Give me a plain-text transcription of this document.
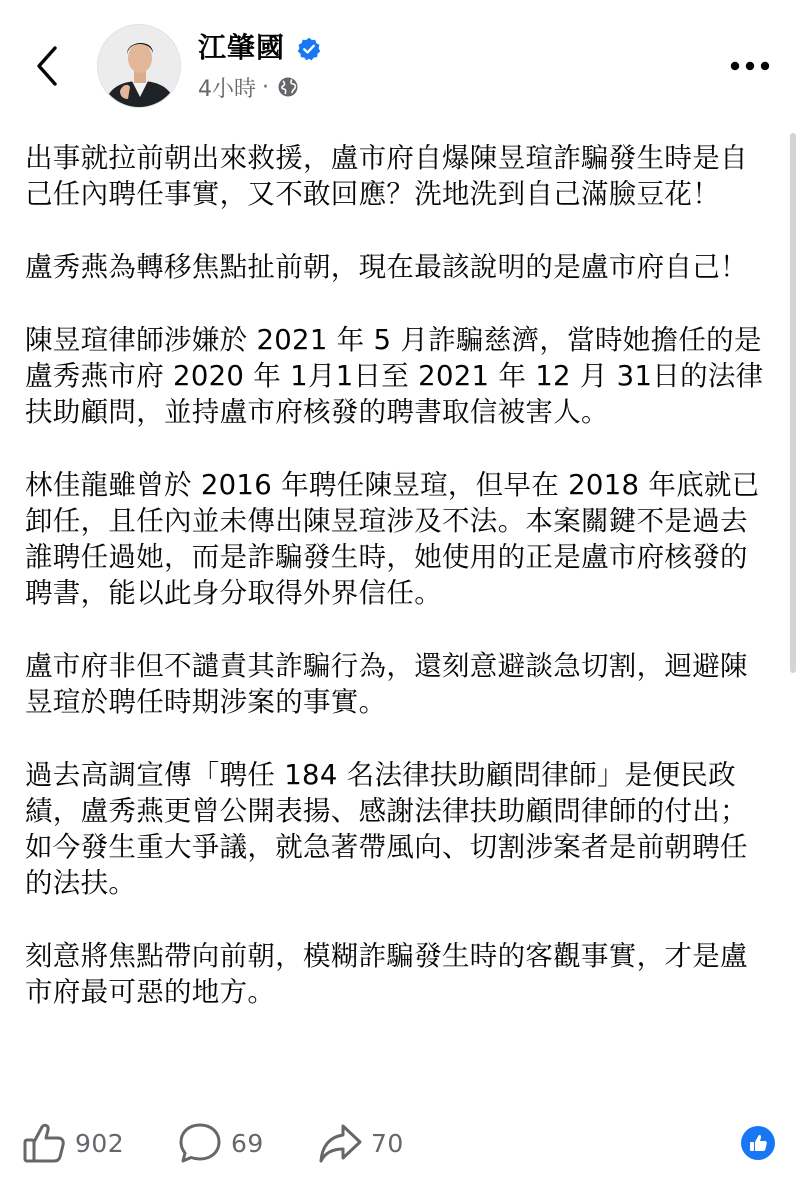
江肇國
4小時 ·

出事就拉前朝出來救援，盧市府自爆陳昱瑄詐騙發生時是自己任內聘任事實，又不敢回應？洗地洗到自己滿臉豆花！

盧秀燕為轉移焦點扯前朝，現在最該說明的是盧市府自己！

陳昱瑄律師涉嫌於 2021 年 5 月詐騙慈濟，當時她擔任的是盧秀燕市府 2020 年 1月1日至 2021 年 12 月 31日的法律扶助顧問，並持盧市府核發的聘書取信被害人。

林佳龍雖曾於 2016 年聘任陳昱瑄，但早在 2018 年底就已卸任，且任內並未傳出陳昱瑄涉及不法。本案關鍵不是過去誰聘任過她，而是詐騙發生時，她使用的正是盧市府核發的聘書，能以此身分取得外界信任。

盧市府非但不譴責其詐騙行為，還刻意避談急切割，迴避陳昱瑄於聘任時期涉案的事實。

過去高調宣傳「聘任 184 名法律扶助顧問律師」是便民政績，盧秀燕更曾公開表揚、感謝法律扶助顧問律師的付出；如今發生重大爭議，就急著帶風向、切割涉案者是前朝聘任的法扶。

刻意將焦點帶向前朝，模糊詐騙發生時的客觀事實，才是盧市府最可惡的地方。

902	69	70
